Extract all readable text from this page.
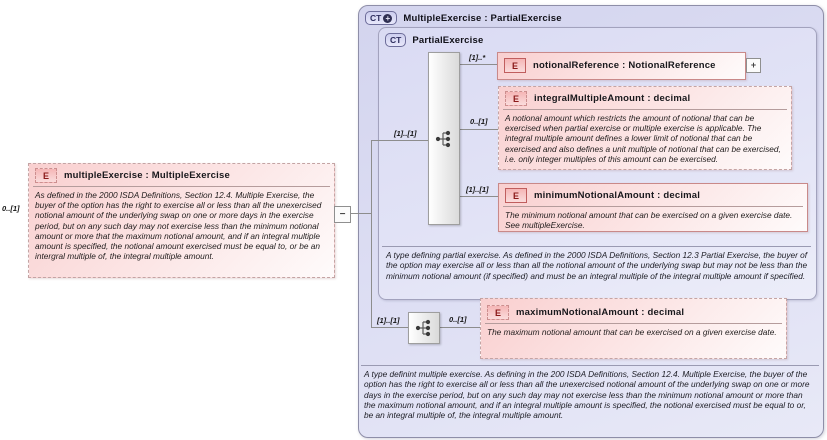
CT + MultipleExercise : PartialExercise
A type definint multiple exercise. As defining in the 200 ISDA Definitions, Section 12.4. Multiple Exercise, the buyer of the option has the right to exercise all or less than all the unexercised notional amount of the underlying swap on one or more days in the exercise period, but on any such day may not exercise less than the minimum notional amount or more than the maximum notional amount, and if an integral multiple amount is specified, the notional exercised must be equal to or, be an integral multiple of, the integral multiple amount.
CT PartialExercise
A type defining partial exercise. As defined in the 2000 ISDA Definitions, Section 12.3 Partial Exercise, the buyer of the option may exercise all or less than all the notional amount of the underlying swap but may not be less than the minimum notional amount (if specified) and must be an integral multiple of the integral multiple amount if specified.
0..[1]
[1]..[1]
[1]..*
0..[1]
[1]..[1]
[1]..[1]	0..[1]
E	multipleExercise : MultipleExercise
As defined in the 2000 ISDA Definitions, Section 12.4. Multiple Exercise, the buyer of the option has the right to exercise all or less than all the unexercised notional amount of the underlying swap on one or more days in the exercise period, but on any such day may not exercise less than the minimum notional amount or more that the maximum notional amount, and if an integral multiple amount is specified, the notional amount exercised must be equal to, or be an intergral multiple of, the integral multiple amount.
−
E	notionalReference : NotionalReference	+
E	integralMultipleAmount : decimal
A notional amount which restricts the amount of notional that can be exercised when partial exercise or multiple exercise is applicable. The integral multiple amount defines a lower limit of notional that can be exercised and also defines a unit multiple of notional that can be exercised, i.e. only integer multiples of this amount can be exercised.
E	minimumNotionalAmount : decimal
The minimum notional amount that can be exercised on a given exercise date. See multipleExercise.
E	maximumNotionalAmount : decimal
The maximum notional amount that can be exercised on a given exercise date.
